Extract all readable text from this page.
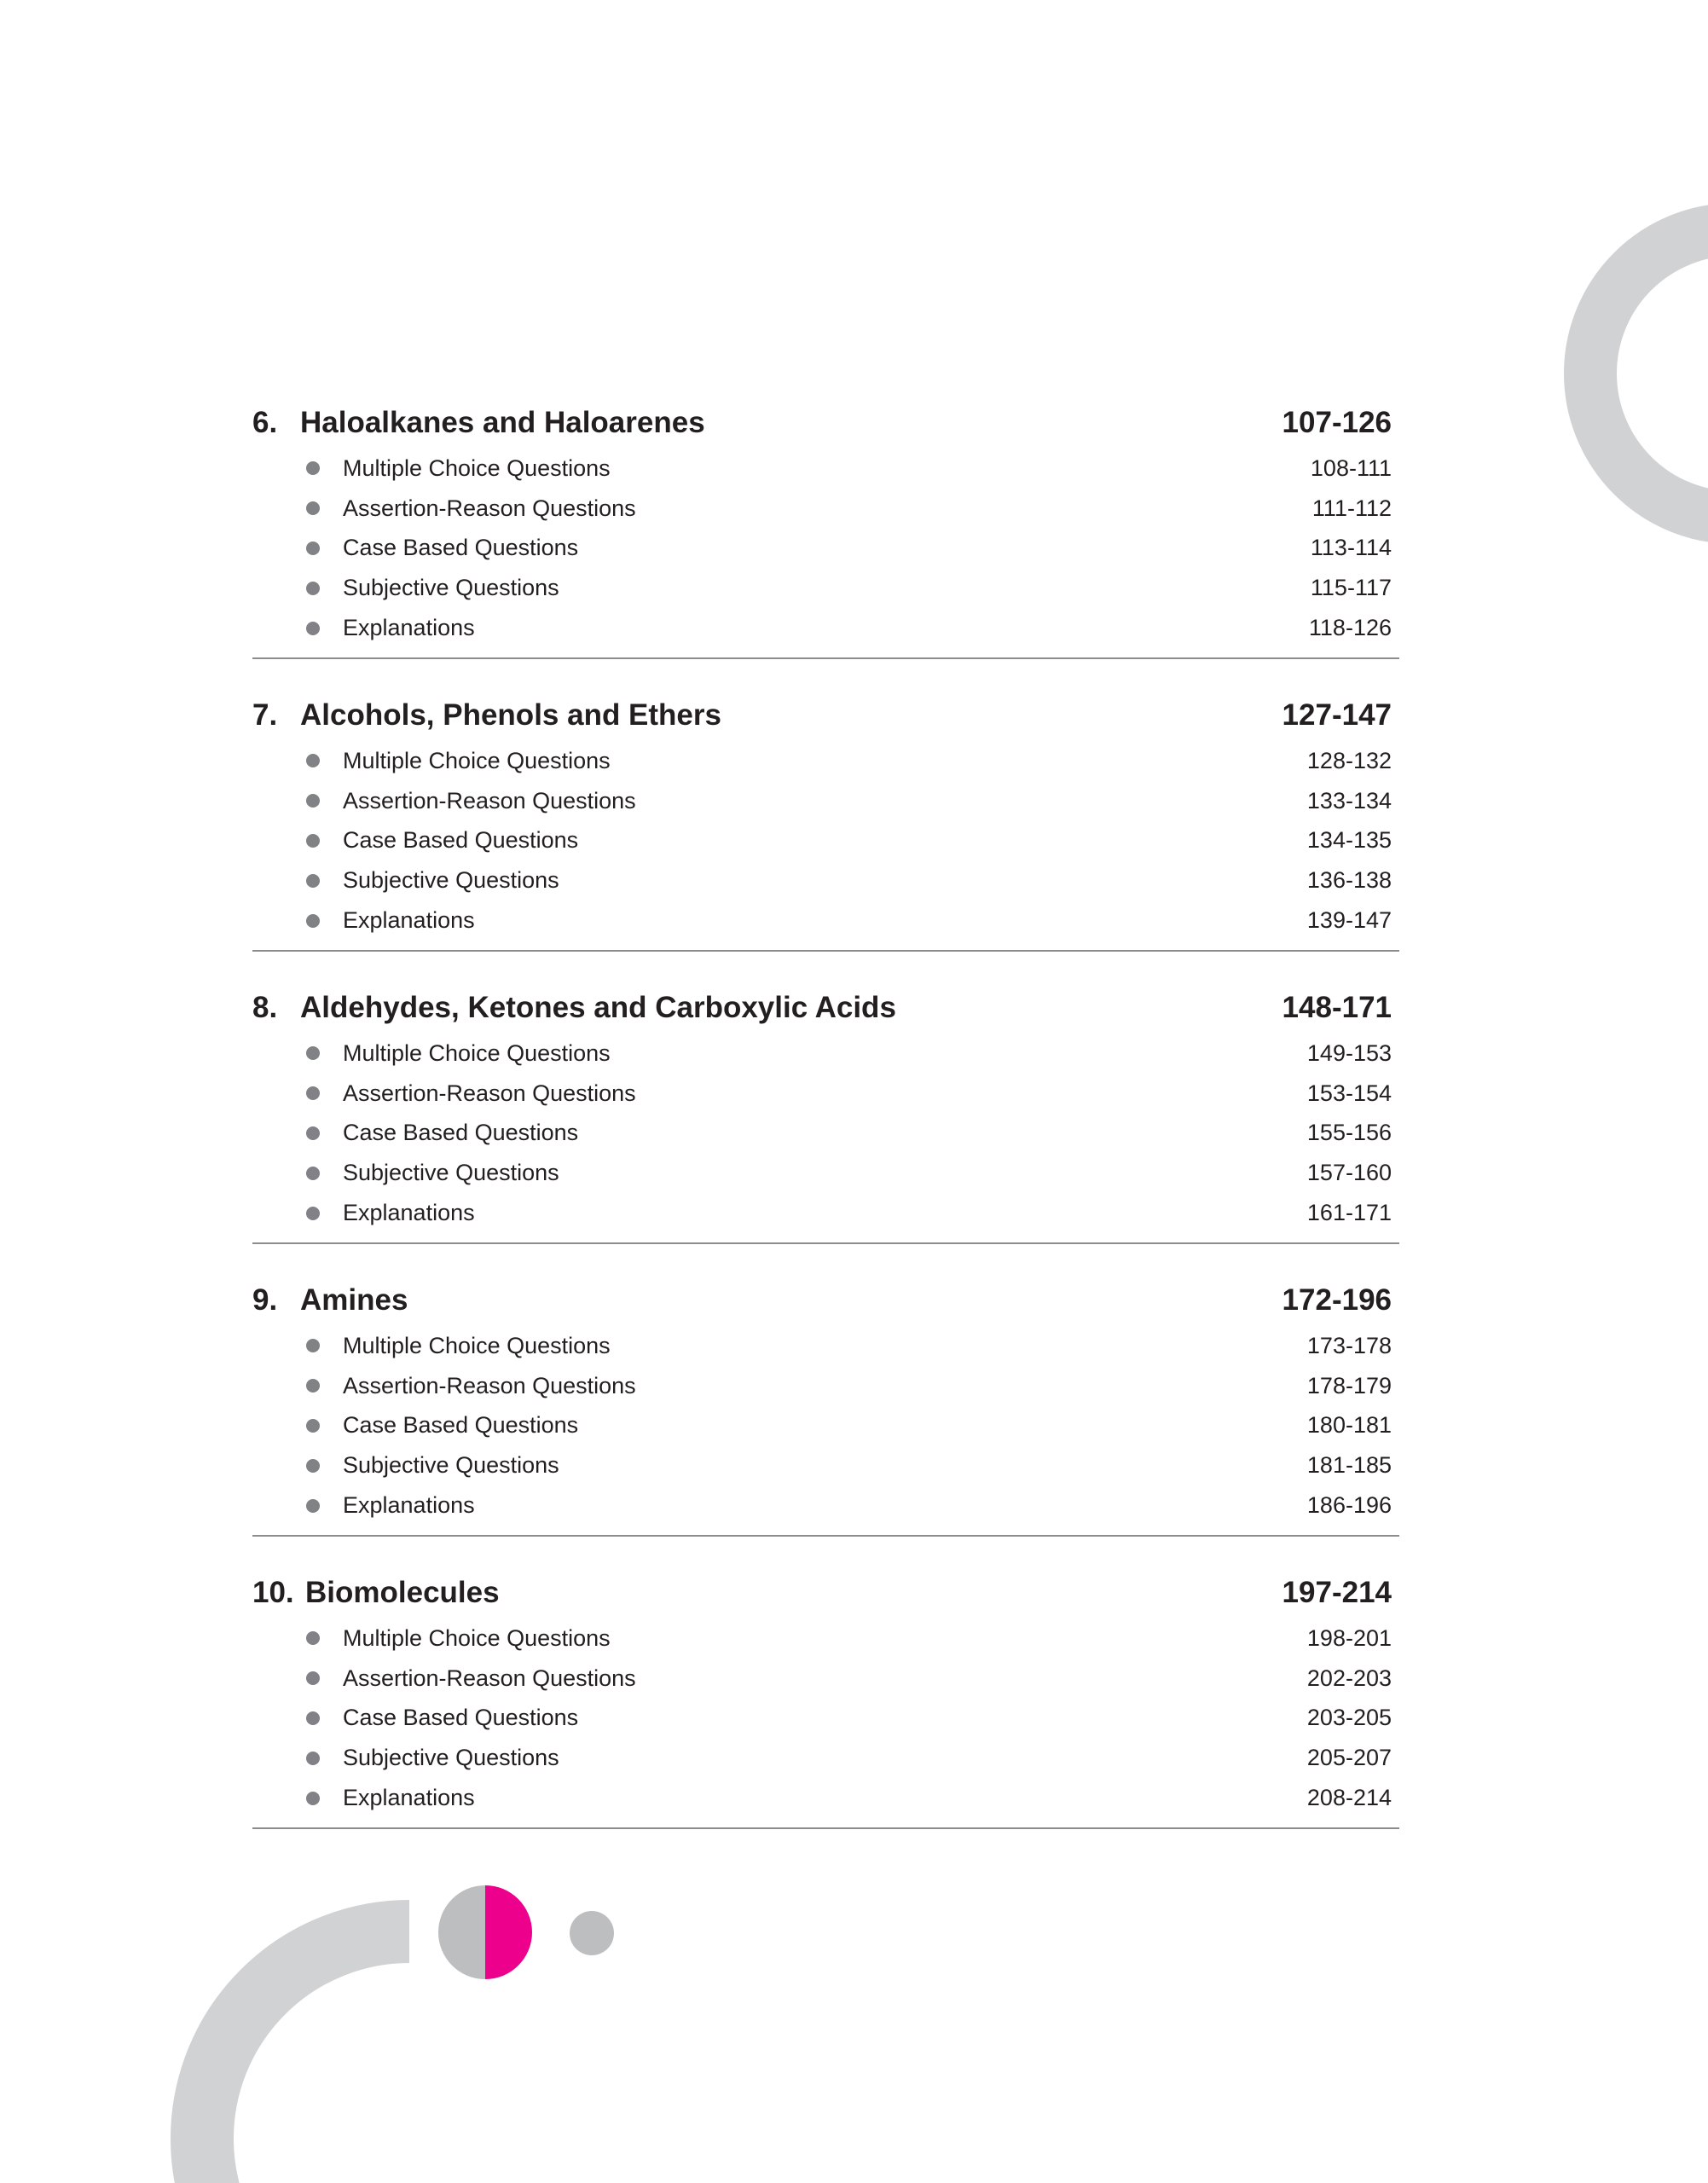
6. Haloalkanes and Haloarenes	107-126
Multiple Choice Questions	108-111
Assertion-Reason Questions	111-112
Case Based Questions	113-114
Subjective Questions	115-117
Explanations	118-126
7. Alcohols, Phenols and Ethers	127-147
Multiple Choice Questions	128-132
Assertion-Reason Questions	133-134
Case Based Questions	134-135
Subjective Questions	136-138
Explanations	139-147
8. Aldehydes, Ketones and Carboxylic Acids	148-171
Multiple Choice Questions	149-153
Assertion-Reason Questions	153-154
Case Based Questions	155-156
Subjective Questions	157-160
Explanations	161-171
9. Amines	172-196
Multiple Choice Questions	173-178
Assertion-Reason Questions	178-179
Case Based Questions	180-181
Subjective Questions	181-185
Explanations	186-196
10. Biomolecules	197-214
Multiple Choice Questions	198-201
Assertion-Reason Questions	202-203
Case Based Questions	203-205
Subjective Questions	205-207
Explanations	208-214
